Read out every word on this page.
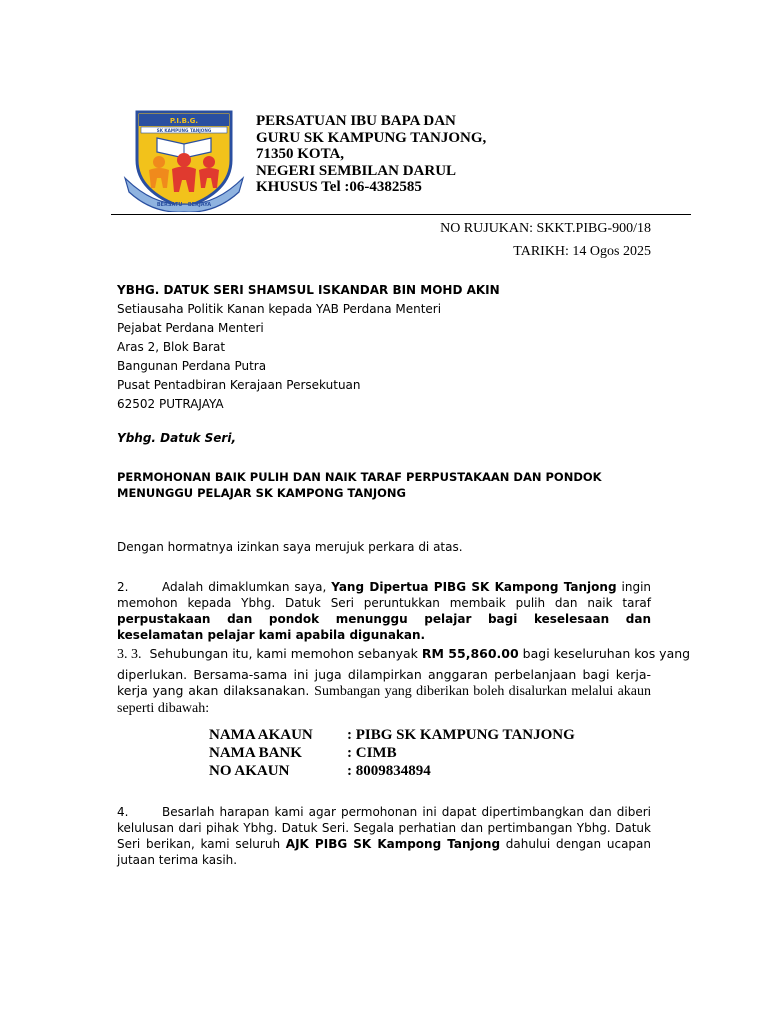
P.I.B.G.
SK KAMPUNG TANJONG
BERSATU · BERJAYA
PERSATUAN IBU BAPA DAN
GURU SK KAMPUNG TANJONG,
71350 KOTA,
NEGERI SEMBILAN DARUL
KHUSUS Tel :06-4382585
NO RUJUKAN: SKKT.PIBG-900/18
TARIKH: 14 Ogos 2025
YBHG. DATUK SERI SHAMSUL ISKANDAR BIN MOHD AKIN
Setiausaha Politik Kanan kepada YAB Perdana Menteri
Pejabat Perdana Menteri
Aras 2, Blok Barat
Bangunan Perdana Putra
Pusat Pentadbiran Kerajaan Persekutuan
62502 PUTRAJAYA
Ybhg. Datuk Seri,
PERMOHONAN BAIK PULIH DAN NAIK TARAF PERPUSTAKAAN DAN PONDOK MENUNGGU PELAJAR SK KAMPONG TANJONG
Dengan hormatnya izinkan saya merujuk perkara di atas.
2.	Adalah dimaklumkan saya, Yang Dipertua PIBG SK Kampong Tanjong ingin memohon kepada Ybhg. Datuk Seri peruntukkan membaik pulih dan naik taraf perpustakaan dan pondok menunggu pelajar bagi keselesaan dan keselamatan pelajar kami apabila digunakan.
3. 3. Sehubungan itu, kami memohon sebanyak RM 55,860.00 bagi keseluruhan kos yang
diperlukan. Bersama-sama ini juga dilampirkan anggaran perbelanjaan bagi kerja-kerja yang akan dilaksanakan. Sumbangan yang diberikan boleh disalurkan melalui akaun seperti dibawah:
NAMA AKAUN	: PIBG SK KAMPUNG TANJONG
NAMA BANK	: CIMB
NO AKAUN	: 8009834894
4.	Besarlah harapan kami agar permohonan ini dapat dipertimbangkan dan diberi kelulusan dari pihak Ybhg. Datuk Seri. Segala perhatian dan pertimbangan Ybhg. Datuk Seri berikan, kami seluruh AJK PIBG SK Kampong Tanjong dahului dengan ucapan jutaan terima kasih.
